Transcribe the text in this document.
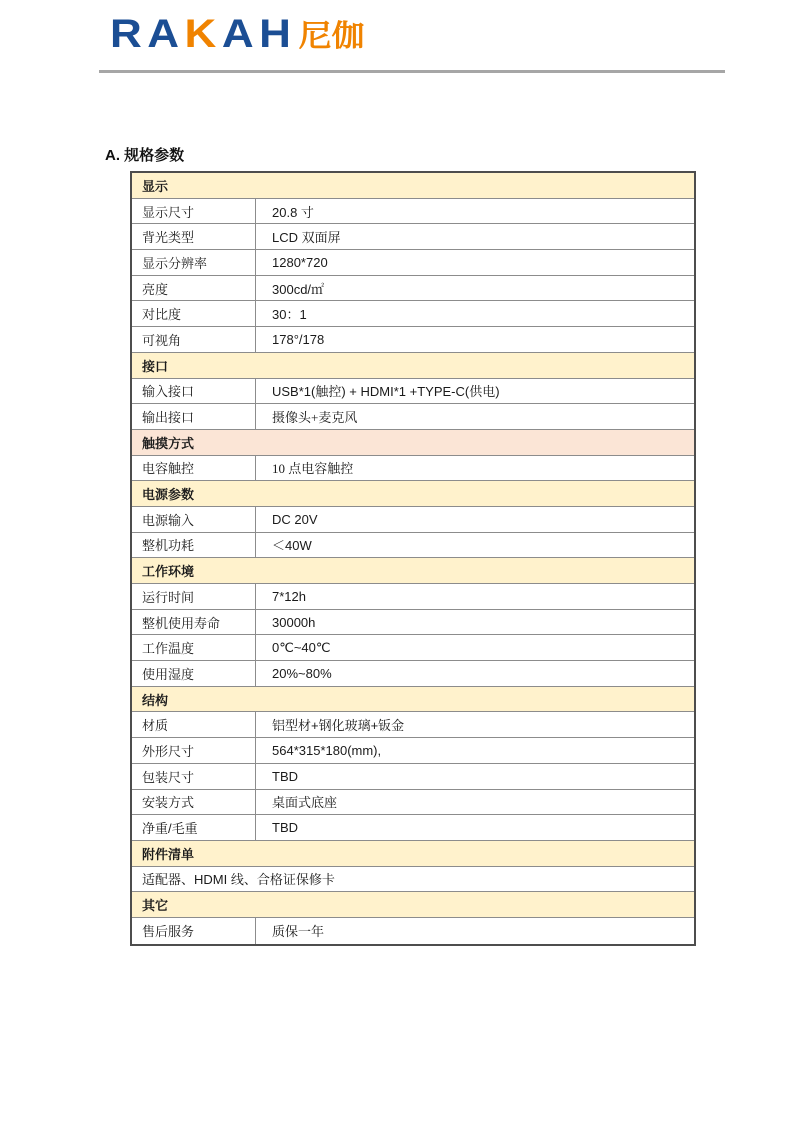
RA K AH 尼伽
A. 规格参数
显示
显示尺寸	20.8 寸
背光类型	LCD 双面屏
显示分辨率	1280*720
亮度	300cd/㎡
对比度	30：1
可视角	178°/178
接口
输入接口	USB*1(触控) + HDMI*1 +TYPE-C(供电)
输出接口	摄像头+麦克风
触摸方式
电容触控	10 点电容触控
电源参数
电源输入	DC 20V
整机功耗	＜40W
工作环境
运行时间	7*12h
整机使用寿命	30000h
工作温度	0℃~40℃
使用湿度	20%~80%
结构
材质	铝型材+钢化玻璃+钣金
外形尺寸	564*315*180(mm),
包装尺寸	TBD
安装方式	桌面式底座
净重/毛重	TBD
附件清单
适配器、HDMI 线、合格证保修卡
其它
售后服务	质保一年
